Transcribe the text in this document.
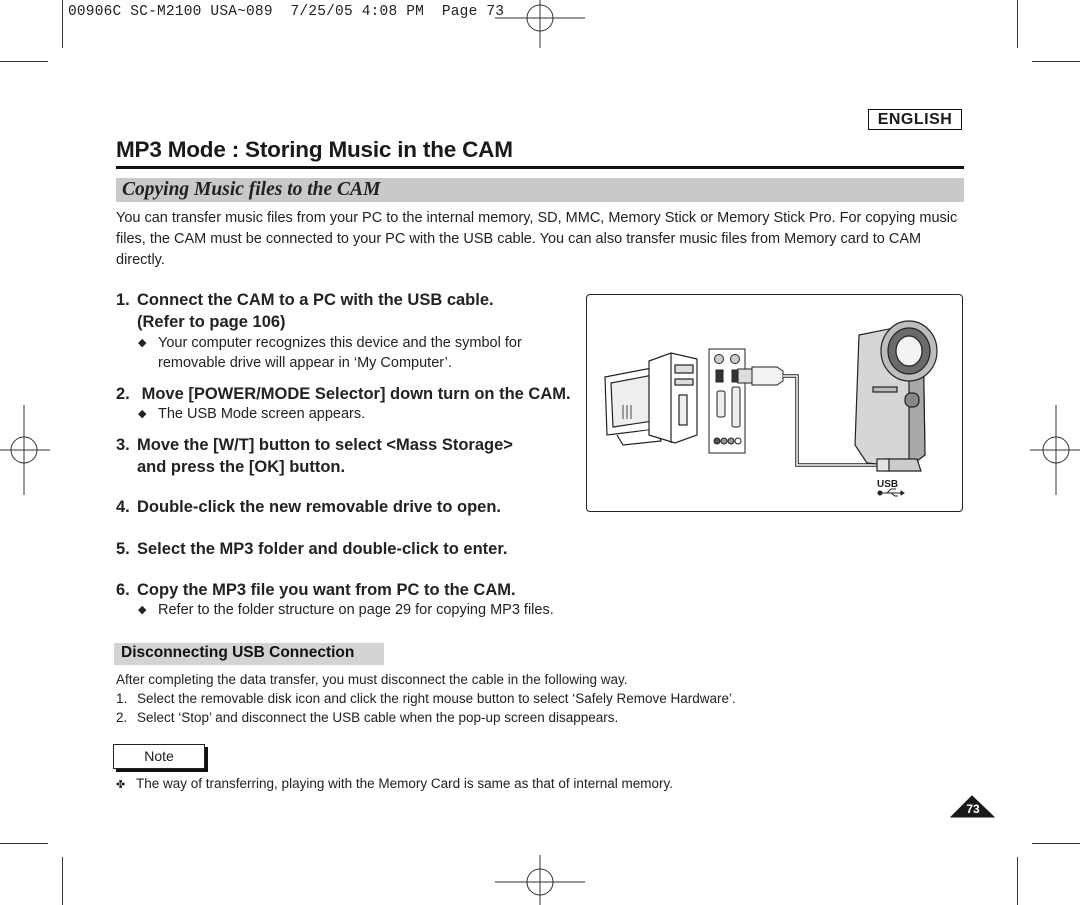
00906C SC-M2100 USA~089  7/25/05 4:08 PM  Page 73
ENGLISH
MP3 Mode : Storing Music in the CAM
Copying Music files to the CAM
You can transfer music files from your PC to the internal memory, SD, MMC, Memory Stick or Memory Stick Pro. For copying music files, the CAM must be connected to your PC with the USB cable. You can also transfer music files from Memory card to CAM directly.
1. Connect the CAM to a PC with the USB cable.
(Refer to page 106)
◆ Your computer recognizes this device and the symbol for
removable drive will appear in ‘My Computer’.
2. Move [POWER/MODE Selector] down turn on the CAM.
◆ The USB Mode screen appears.
3. Move the [W/T] button to select <Mass Storage>
and press the [OK] button.
4. Double-click the new removable drive to open.
5. Select the MP3 folder and double-click to enter.
6. Copy the MP3 file you want from PC to the CAM.
◆ Refer to the folder structure on page 29 for copying MP3 files.
USB
Disconnecting USB Connection
After completing the data transfer, you must disconnect the cable in the following way.
1. Select the removable disk icon and click the right mouse button to select ‘Safely Remove Hardware’.
2. Select ‘Stop’ and disconnect the USB cable when the pop-up screen disappears.
Note
✤ The way of transferring, playing with the Memory Card is same as that of internal memory.
73
